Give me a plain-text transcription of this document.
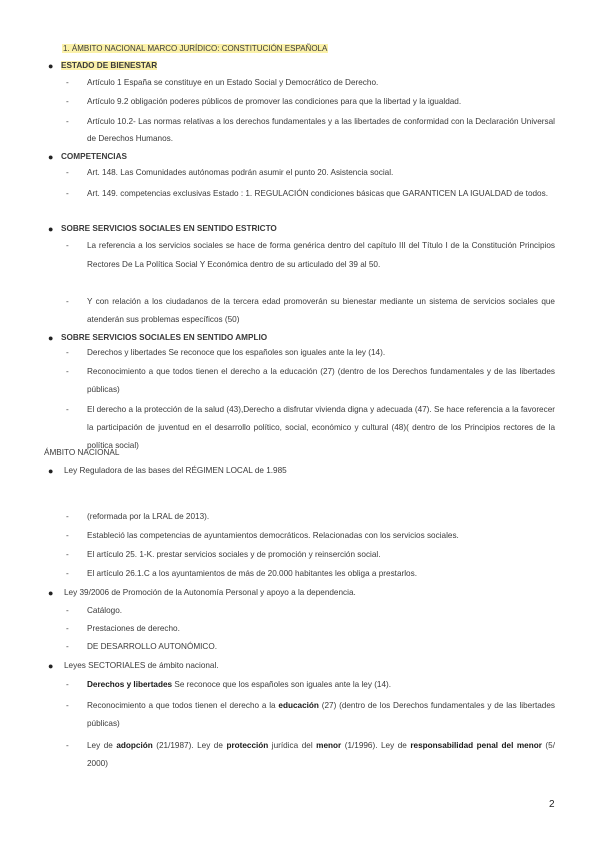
1. ÁMBITO NACIONAL MARCO JURÍDICO: CONSTITUCIÓN ESPAÑOLA
● ESTADO DE BIENESTAR
- Artículo 1 España se constituye en un Estado Social y Democrático de Derecho.
- Artículo 9.2 obligación poderes públicos de promover las condiciones para que la libertad y la igualdad.
- Artículo 10.2- Las normas relativas a los derechos fundamentales y a las libertades de conformidad con la Declaración Universal de Derechos Humanos.
● COMPETENCIAS
- Art. 148. Las Comunidades autónomas podrán asumir el punto 20. Asistencia social.
- Art. 149. competencias exclusivas Estado : 1. REGULACIÓN condiciones básicas que GARANTICEN LA IGUALDAD de todos.
● SOBRE SERVICIOS SOCIALES EN SENTIDO ESTRICTO
- La referencia a los servicios sociales se hace de forma genérica dentro del capítulo III del Título I de la Constitución Principios Rectores De La Política Social Y Económica dentro de su articulado del 39 al 50.
- Y con relación a los ciudadanos de la tercera edad promoverán su bienestar mediante un sistema de servicios sociales que atenderán sus problemas específicos (50)
● SOBRE SERVICIOS SOCIALES EN SENTIDO AMPLIO
- Derechos y libertades Se reconoce que los españoles son iguales ante la ley (14).
- Reconocimiento a que todos tienen el derecho a la educación (27) (dentro de los Derechos fundamentales y de las libertades públicas)
- El derecho a la protección de la salud (43),Derecho a disfrutar vivienda digna y adecuada (47). Se hace referencia a la favorecer la participación de juventud en el desarrollo político, social, económico y cultural (48)( dentro de los Principios rectores de la política social)
ÁMBITO NACIONAL
● Ley Reguladora de las bases del RÉGIMEN LOCAL de 1.985
- (reformada por la LRAL de 2013).
- Estableció las competencias de ayuntamientos democráticos. Relacionadas con los servicios sociales.
- El artículo 25. 1-K. prestar servicios sociales y de promoción y reinserción social.
- El artículo 26.1.C a los ayuntamientos de más de 20.000 habitantes les obliga a prestarlos.
● Ley 39/2006 de Promoción de la Autonomía Personal y apoyo a la dependencia.
- Catálogo.
- Prestaciones de derecho.
- DE DESARROLLO AUTONÓMICO.
● Leyes SECTORIALES de ámbito nacional.
- Derechos y libertades Se reconoce que los españoles son iguales ante la ley (14).
- Reconocimiento a que todos tienen el derecho a la educación (27) (dentro de los Derechos fundamentales y de las libertades públicas)
- Ley de adopción (21/1987). Ley de protección jurídica del menor (1/1996). Ley de responsabilidad penal del menor (5/ 2000)
2
